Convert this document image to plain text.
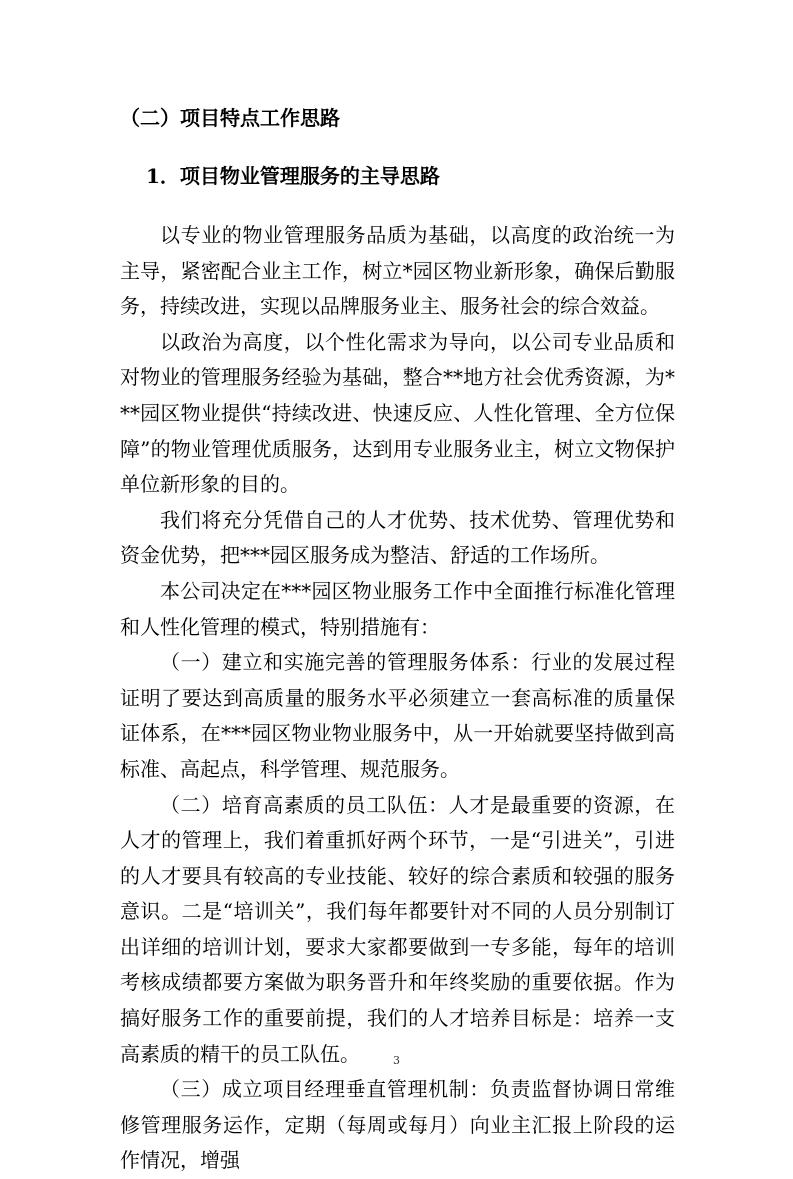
（二）项目特点工作思路
1．项目物业管理服务的主导思路

以专业的物业管理服务品质为基础，以高度的政治统一为主导，紧密配合业主工作，树立*园区物业新形象，确保后勤服务，持续改进，实现以品牌服务业主、服务社会的综合效益。

以政治为高度，以个性化需求为导向，以公司专业品质和对物业的管理服务经验为基础，整合**地方社会优秀资源，为***园区物业提供“持续改进、快速反应、人性化管理、全方位保障”的物业管理优质服务，达到用专业服务业主，树立文物保护单位新形象的目的。

我们将充分凭借自己的人才优势、技术优势、管理优势和资金优势，把***园区服务成为整洁、舒适的工作场所。

本公司决定在***园区物业服务工作中全面推行标准化管理和人性化管理的模式，特别措施有：

（一）建立和实施完善的管理服务体系：行业的发展过程证明了要达到高质量的服务水平必须建立一套高标准的质量保证体系，在***园区物业物业服务中，从一开始就要坚持做到高标准、高起点，科学管理、规范服务。

（二）培育高素质的员工队伍：人才是最重要的资源，在人才的管理上，我们着重抓好两个环节，一是“引进关”，引进的人才要具有较高的专业技能、较好的综合素质和较强的服务意识。二是“培训关”，我们每年都要针对不同的人员分别制订出详细的培训计划，要求大家都要做到一专多能，每年的培训考核成绩都要方案做为职务晋升和年终奖励的重要依据。作为搞好服务工作的重要前提，我们的人才培养目标是：培养一支高素质的精干的员工队伍。

（三）成立项目经理垂直管理机制：负责监督协调日常维修管理服务运作，定期（每周或每月）向业主汇报上阶段的运作情况，增强

3
